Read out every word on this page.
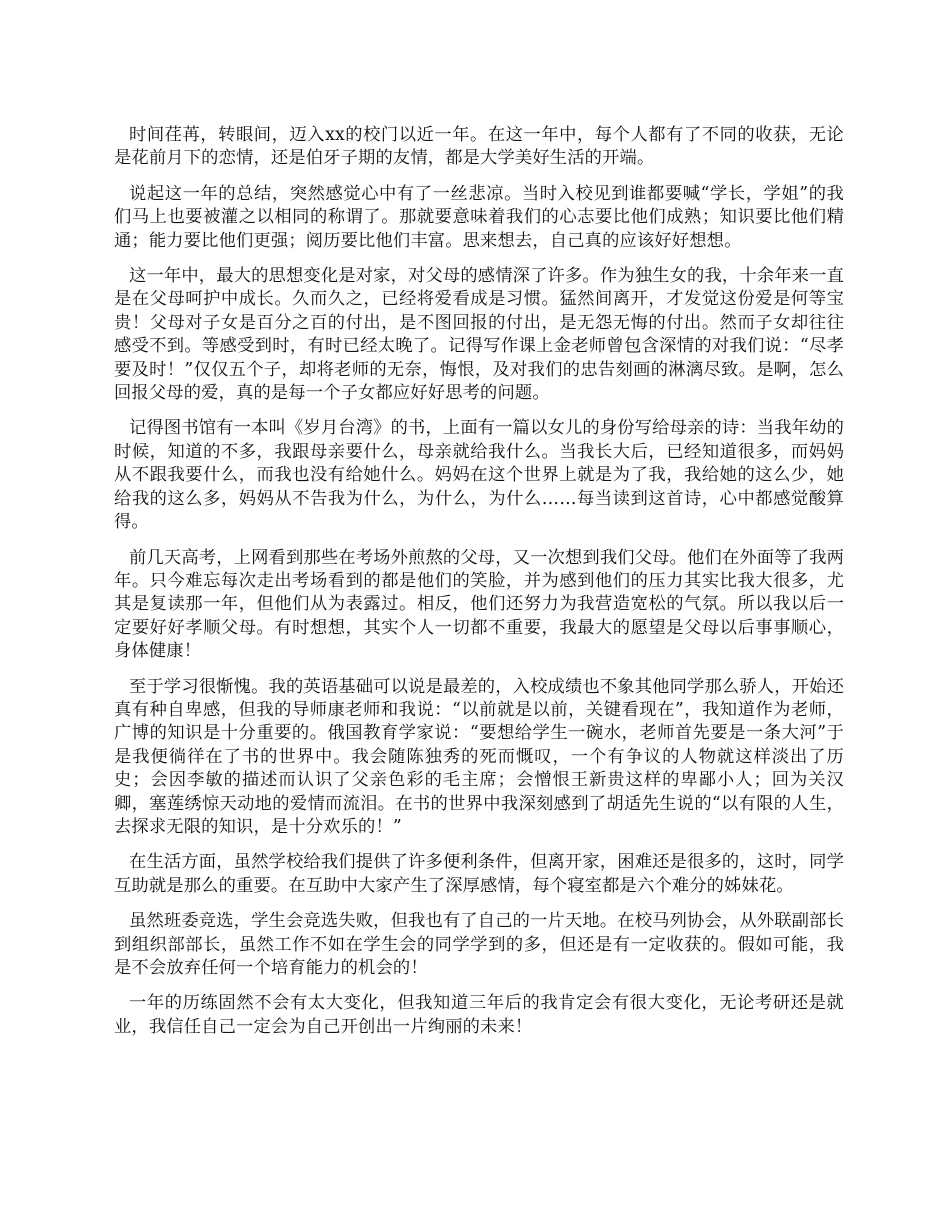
时间荏苒，转眼间，迈入xx的校门以近一年。在这一年中，每个人都有了不同的收获，无论是花前月下的恋情，还是伯牙子期的友情，都是大学美好生活的开端。

说起这一年的总结，突然感觉心中有了一丝悲凉。当时入校见到谁都要喊“学长，学姐”的我们马上也要被灌之以相同的称谓了。那就要意味着我们的心志要比他们成熟；知识要比他们精通；能力要比他们更强；阅历要比他们丰富。思来想去，自己真的应该好好想想。

这一年中，最大的思想变化是对家，对父母的感情深了许多。作为独生女的我，十余年来一直是在父母呵护中成长。久而久之，已经将爱看成是习惯。猛然间离开，才发觉这份爱是何等宝贵！父母对子女是百分之百的付出，是不图回报的付出，是无怨无悔的付出。然而子女却往往感受不到。等感受到时，有时已经太晚了。记得写作课上金老师曾包含深情的对我们说：“尽孝要及时！”仅仅五个子，却将老师的无奈，悔恨，及对我们的忠告刻画的淋漓尽致。是啊，怎么回报父母的爱，真的是每一个子女都应好好思考的问题。

记得图书馆有一本叫《岁月台湾》的书，上面有一篇以女儿的身份写给母亲的诗：当我年幼的时候，知道的不多，我跟母亲要什么，母亲就给我什么。当我长大后，已经知道很多，而妈妈从不跟我要什么，而我也没有给她什么。妈妈在这个世界上就是为了我，我给她的这么少，她给我的这么多，妈妈从不告我为什么，为什么，为什么……每当读到这首诗，心中都感觉酸算得。

前几天高考，上网看到那些在考场外煎熬的父母，又一次想到我们父母。他们在外面等了我两年。只今难忘每次走出考场看到的都是他们的笑脸，并为感到他们的压力其实比我大很多，尤其是复读那一年，但他们从为表露过。相反，他们还努力为我营造宽松的气氛。所以我以后一定要好好孝顺父母。有时想想，其实个人一切都不重要，我最大的愿望是父母以后事事顺心，身体健康！

至于学习很惭愧。我的英语基础可以说是最差的，入校成绩也不象其他同学那么骄人，开始还真有种自卑感，但我的导师康老师和我说：“以前就是以前，关键看现在”，我知道作为老师，广博的知识是十分重要的。俄国教育学家说：“要想给学生一碗水，老师首先要是一条大河”于是我便徜徉在了书的世界中。我会随陈独秀的死而慨叹，一个有争议的人物就这样淡出了历史；会因李敏的描述而认识了父亲色彩的毛主席；会憎恨王新贵这样的卑鄙小人；回为关汉卿，塞莲绣惊天动地的爱情而流泪。在书的世界中我深刻感到了胡适先生说的“以有限的人生，去探求无限的知识，是十分欢乐的！”

在生活方面，虽然学校给我们提供了许多便利条件，但离开家，困难还是很多的，这时，同学互助就是那么的重要。在互助中大家产生了深厚感情，每个寝室都是六个难分的姊妹花。

虽然班委竞选，学生会竞选失败，但我也有了自己的一片天地。在校马列协会，从外联副部长到组织部部长，虽然工作不如在学生会的同学学到的多，但还是有一定收获的。假如可能，我是不会放弃任何一个培育能力的机会的！

一年的历练固然不会有太大变化，但我知道三年后的我肯定会有很大变化，无论考研还是就业，我信任自己一定会为自己开创出一片绚丽的未来！
